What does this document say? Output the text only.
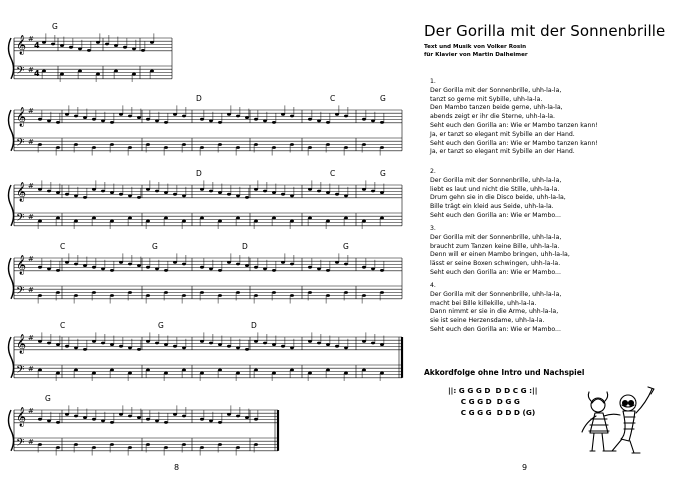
𝄞
𝄢
#
#
4
4
G
𝄞
𝄢
#
#
D	C	G
𝄞
𝄢
#
#
D	C	G
𝄞
𝄢
#
#
C	G	D	G
𝄞
𝄢
#
#
C	G	D
𝄞
𝄢
#
#
G
8
Der Gorilla mit der Sonnenbrille
Text und Musik von Volker Rosin
für Klavier von Martin Dalheimer
1.
Der Gorilla mit der Sonnenbrille, uhh-la-la,
tanzt so gerne mit Sybille, uhh-la-la.
Den Mambo tanzen beide gerne, uhh-la-la,
abends zeigt er ihr die Sterne, uhh-la-la.
Seht euch den Gorilla an: Wie er Mambo tanzen kann!
Ja, er tanzt so elegant mit Sybille an der Hand.
Seht euch den Gorilla an: Wie er Mambo tanzen kann!
Ja, er tanzt so elegant mit Sybille an der Hand.
2.
Der Gorilla mit der Sonnenbrille, uhh-la-la,
liebt es laut und nicht die Stille, uhh-la-la.
Drum gehn sie in die Disco beide, uhh-la-la,
Bille trägt ein kleid aus Seide, uhh-la-la.
Seht euch den Gorilla an: Wie er Mambo...
3.
Der Gorilla mit der Sonnenbrille, uhh-la-la,
braucht zum Tanzen keine Bille, uhh-la-la.
Denn will er einen Mambo bringen, uhh-la-la,
lässt er seine Boxen schwingen, uhh-la-la.
Seht euch den Gorilla an: Wie er Mambo...
4.
Der Gorilla mit der Sonnenbrille, uhh-la-la,
macht bei Bille killekille, uhh-la-la.
Dann nimmt er sie in die Arme, uhh-la-la,
sie ist seine Herzensdame, uhh-la-la.
Seht euch den Gorilla an: Wie er Mambo...
Akkordfolge ohne Intro und Nachspiel
||: G G G D  D D C G :||
C G G D  D G G
C G G G  D D D (G)
9
